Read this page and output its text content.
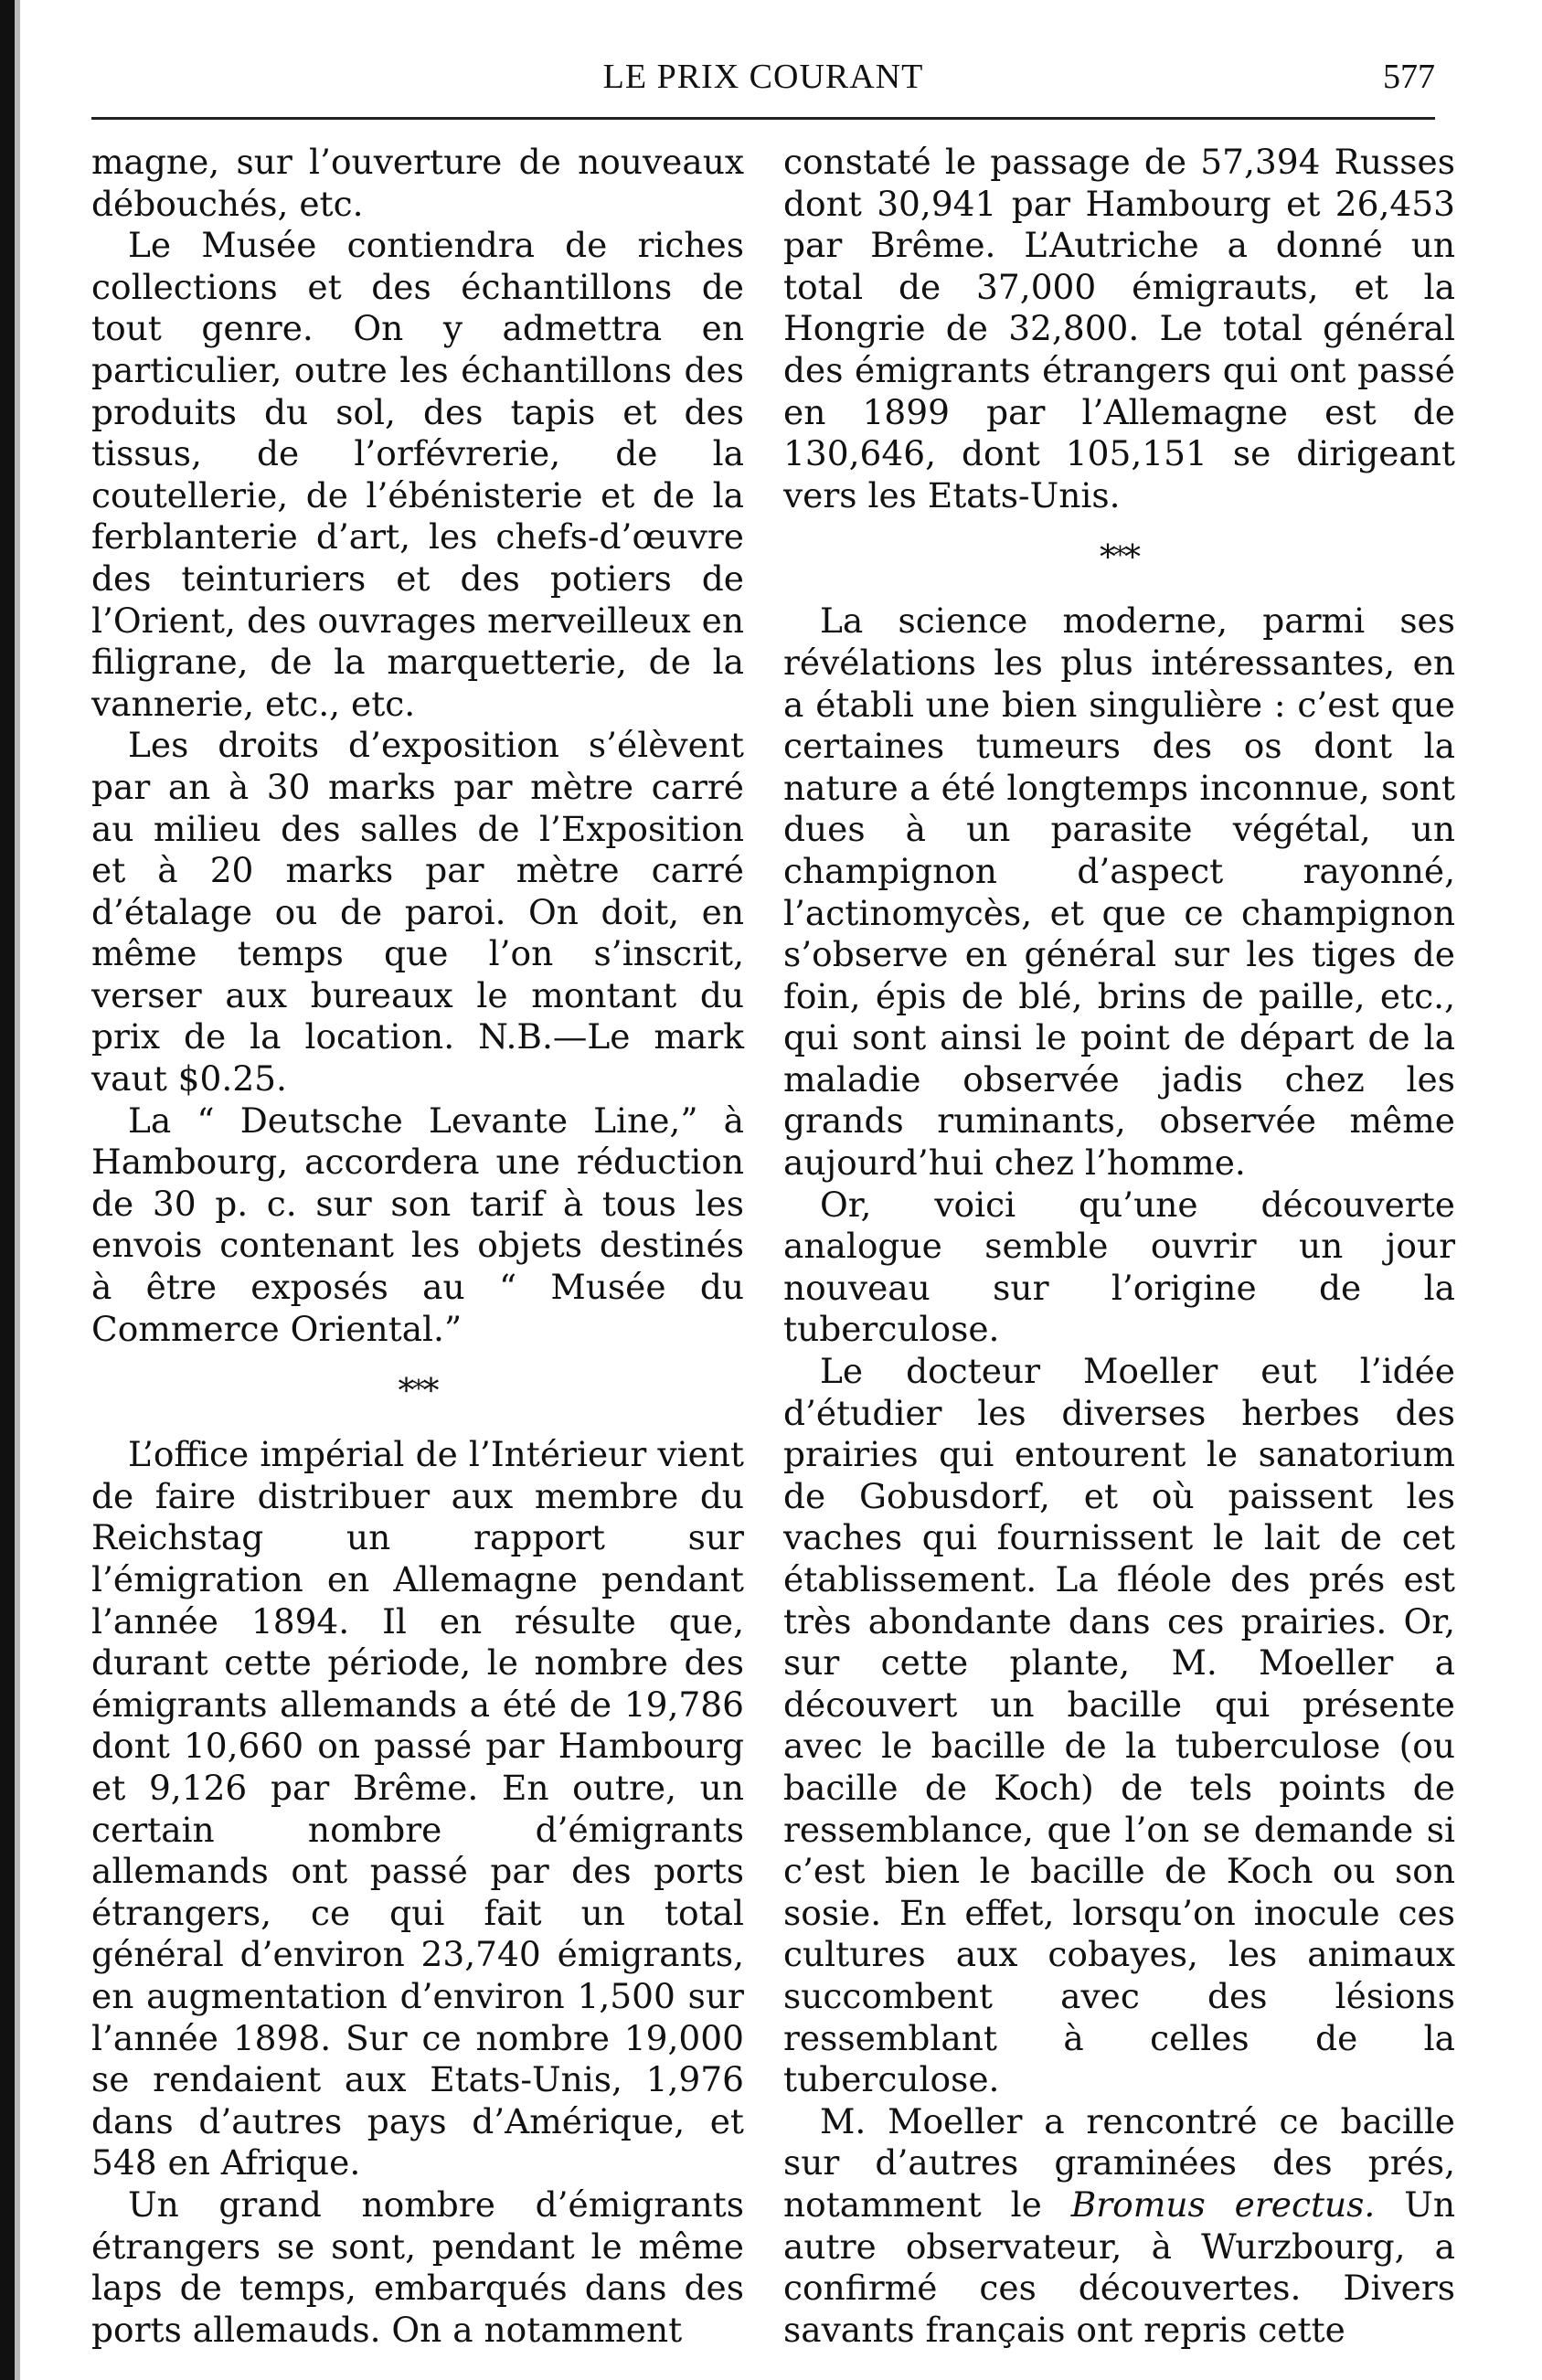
LE PRIX COURANT	577

magne, sur l’ouverture de nouveaux débouchés, etc.

Le Musée contiendra de riches collections et des échantillons de tout genre. On y admettra en particulier, outre les échantillons des produits du sol, des tapis et des tissus, de l’orfévrerie, de la coutellerie, de l’ébénisterie et de la ferblanterie d’art, les chefs-d’œuvre des teinturiers et des potiers de l’Orient, des ouvrages merveilleux en filigrane, de la marquetterie, de la vannerie, etc., etc.

Les droits d’exposition s’élèvent par an à 30 marks par mètre carré au milieu des salles de l’Exposition et à 20 marks par mètre carré d’étalage ou de paroi. On doit, en même temps que l’on s’inscrit, verser aux bureaux le montant du prix de la location. N.B.—Le mark vaut $0.25.

La “ Deutsche Levante Line,” à Hambourg, accordera une réduction de 30 p. c. sur son tarif à tous les envois contenant les objets destinés à être exposés au “ Musée du Commerce Oriental.”

***

L’office impérial de l’Intérieur vient de faire distribuer aux membre du Reichstag un rapport sur l’émigration en Allemagne pendant l’année 1894. Il en résulte que, durant cette période, le nombre des émigrants allemands a été de 19,786 dont 10,660 on passé par Hambourg et 9,126 par Brême. En outre, un certain nombre d’émigrants allemands ont passé par des ports étrangers, ce qui fait un total général d’environ 23,740 émigrants, en augmentation d’environ 1,500 sur l’année 1898. Sur ce nombre 19,000 se rendaient aux Etats-Unis, 1,976 dans d’autres pays d’Amérique, et 548 en Afrique.

Un grand nombre d’émigrants étrangers se sont, pendant le même laps de temps, embarqués dans des ports allemauds. On a notamment

constaté le passage de 57,394 Russes dont 30,941 par Hambourg et 26,453 par Brême. L’Autriche a donné un total de 37,000 émigrauts, et la Hongrie de 32,800. Le total général des émigrants étrangers qui ont passé en 1899 par l’Allemagne est de 130,646, dont 105,151 se dirigeant vers les Etats-Unis.

***

La science moderne, parmi ses révélations les plus intéressantes, en a établi une bien singulière : c’est que certaines tumeurs des os dont la nature a été longtemps inconnue, sont dues à un parasite végétal, un champignon d’aspect rayonné, l’actinomycès, et que ce champignon s’observe en général sur les tiges de foin, épis de blé, brins de paille, etc., qui sont ainsi le point de départ de la maladie observée jadis chez les grands ruminants, observée même aujourd’hui chez l’homme.

Or, voici qu’une découverte analogue semble ouvrir un jour nouveau sur l’origine de la tuberculose.

Le docteur Moeller eut l’idée d’étudier les diverses herbes des prairies qui entourent le sanatorium de Gobusdorf, et où paissent les vaches qui fournissent le lait de cet établissement. La fléole des prés est très abondante dans ces prairies. Or, sur cette plante, M. Moeller a découvert un bacille qui présente avec le bacille de la tuberculose (ou bacille de Koch) de tels points de ressemblance, que l’on se demande si c’est bien le bacille de Koch ou son sosie. En effet, lorsqu’on inocule ces cultures aux cobayes, les animaux succombent avec des lésions ressemblant à celles de la tuberculose.

M. Moeller a rencontré ce bacille sur d’autres graminées des prés, notamment le Bromus erectus. Un autre observateur, à Wurzbourg, a confirmé ces découvertes. Divers savants français ont repris cette
